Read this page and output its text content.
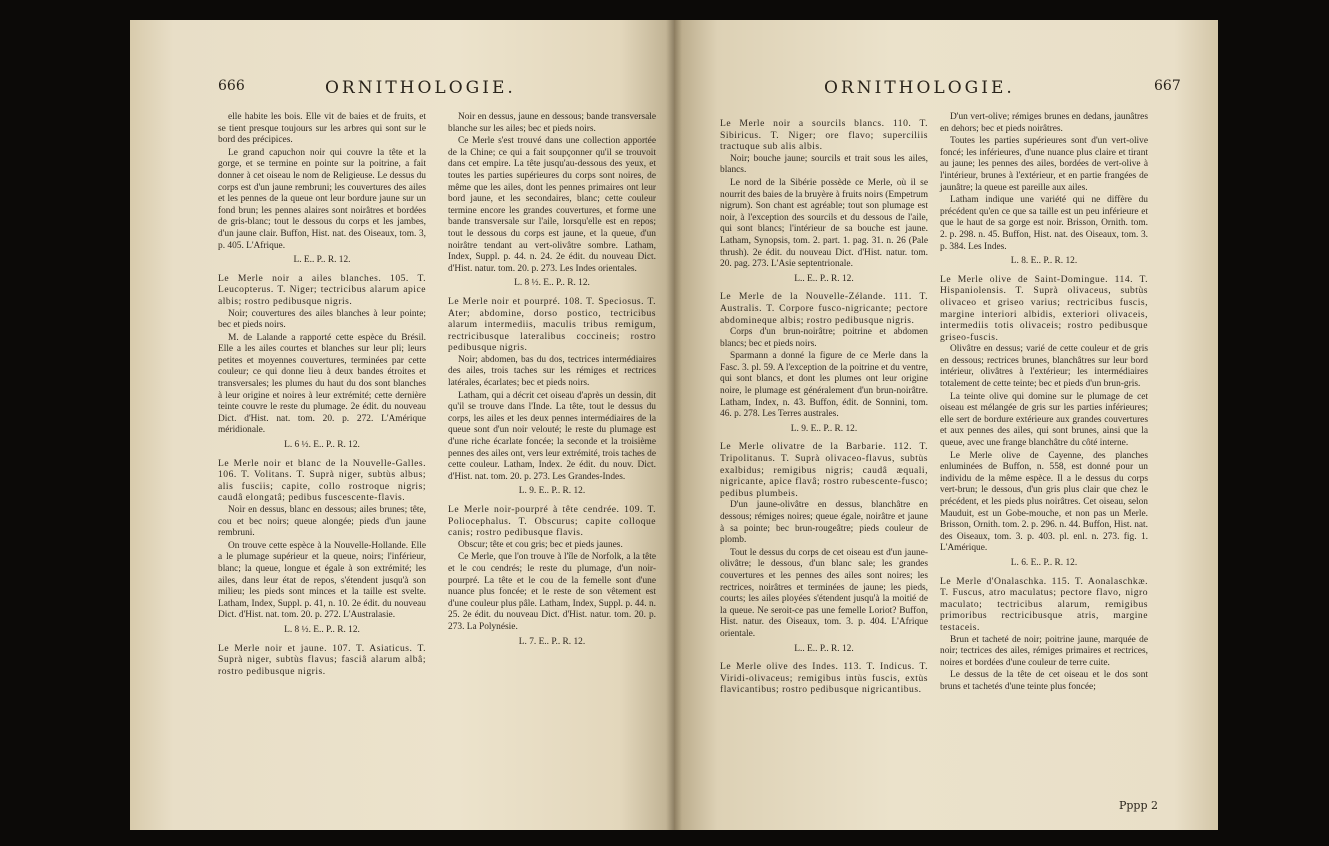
666	ORNITHOLOGIE.

elle habite les bois. Elle vit de baies et de fruits, et se tient presque toujours sur les arbres qui sont sur le bord des précipices.

Le grand capuchon noir qui couvre la tête et la gorge, et se termine en pointe sur la poitrine, a fait donner à cet oiseau le nom de Religieuse. Le dessus du corps est d'un jaune rembruni; les couvertures des ailes et les pennes de la queue ont leur bordure jaune sur un fond brun; les pennes alaires sont noirâtres et bordées de gris-blanc; tout le dessous du corps et les jambes, d'un jaune clair. Buffon, Hist. nat. des Oiseaux, tom. 3, p. 405. L'Afrique.

L. E.. P.. R. 12.

Le Merle noir a ailes blanches. 105. T. Leucopterus. T. Niger; tectricibus alarum apice albis; rostro pedibusque nigris.

Noir; couvertures des ailes blanches à leur pointe; bec et pieds noirs.

M. de Lalande a rapporté cette espèce du Brésil. Elle a les ailes courtes et blanches sur leur pli; leurs petites et moyennes couvertures, terminées par cette couleur; ce qui donne lieu à deux bandes étroites et transversales; les plumes du haut du dos sont blanches à leur origine et noires à leur extrémité; cette dernière teinte couvre le reste du plumage. 2e édit. du nouveau Dict. d'Hist. nat. tom. 20. p. 272. L'Amérique méridionale.

L. 6 ½. E.. P.. R. 12.

Le Merle noir et blanc de la Nouvelle-Galles. 106. T. Volitans. T. Suprà niger, subtùs albus; alis fusciis; capite, collo rostroque nigris; caudâ elongatâ; pedibus fuscescente-flavis.

Noir en dessus, blanc en dessous; ailes brunes; tête, cou et bec noirs; queue alongée; pieds d'un jaune rembruni.

On trouve cette espèce à la Nouvelle-Hollande. Elle a le plumage supérieur et la queue, noirs; l'inférieur, blanc; la queue, longue et égale à son extrémité; les ailes, dans leur état de repos, s'étendent jusqu'à son milieu; les pieds sont minces et la taille est svelte. Latham, Index, Suppl. p. 41, n. 10. 2e édit. du nouveau Dict. d'Hist. nat. tom. 20. p. 272. L'Australasie.

L. 8 ½. E.. P.. R. 12.

Le Merle noir et jaune. 107. T. Asiaticus. T. Suprà niger, subtùs flavus; fasciâ alarum albâ; rostro pedibusque nigris.

Noir en dessus, jaune en dessous; bande transversale blanche sur les ailes; bec et pieds noirs.

Ce Merle s'est trouvé dans une collection apportée de la Chine; ce qui a fait soupçonner qu'il se trouvoit dans cet empire. La tête jusqu'au-dessous des yeux, et toutes les parties supérieures du corps sont noires, de même que les ailes, dont les pennes primaires ont leur bord jaune, et les secondaires, blanc; cette couleur termine encore les grandes couvertures, et forme une bande transversale sur l'aile, lorsqu'elle est en repos; tout le dessous du corps est jaune, et la queue, d'un noirâtre tendant au vert-olivâtre sombre. Latham, Index, Suppl. p. 44. n. 24. 2e édit. du nouveau Dict. d'Hist. natur. tom. 20. p. 273. Les Indes orientales.

L. 8 ½. E.. P.. R. 12.

Le Merle noir et pourpré. 108. T. Speciosus. T. Ater; abdomine, dorso postico, tectricibus alarum intermediis, maculis tribus remigum, rectricibusque lateralibus coccineis; rostro pedibusque nigris.

Noir; abdomen, bas du dos, tectrices intermédiaires des ailes, trois taches sur les rémiges et rectrices latérales, écarlates; bec et pieds noirs.

Latham, qui a décrit cet oiseau d'après un dessin, dit qu'il se trouve dans l'Inde. La tête, tout le dessus du corps, les ailes et les deux pennes intermédiaires de la queue sont d'un noir velouté; le reste du plumage est d'une riche écarlate foncée; la seconde et la troisième pennes des ailes ont, vers leur extrémité, trois taches de cette couleur. Latham, Index. 2e édit. du nouv. Dict. d'Hist. nat. tom. 20. p. 273. Les Grandes-Indes.

L. 9. E.. P.. R. 12.

Le Merle noir-pourpré à tête cendrée. 109. T. Poliocephalus. T. Obscurus; capite colloque canis; rostro pedibusque flavis.

Obscur; tête et cou gris; bec et pieds jaunes.

Ce Merle, que l'on trouve à l'île de Norfolk, a la tête et le cou cendrés; le reste du plumage, d'un noir-pourpré. La tête et le cou de la femelle sont d'une nuance plus foncée; et le reste de son vêtement est d'une couleur plus pâle. Latham, Index, Suppl. p. 44. n. 25. 2e édit. du nouveau Dict. d'Hist. natur. tom. 20. p. 273. La Polynésie.

L. 7. E.. P.. R. 12.

ORNITHOLOGIE.	667
Le Merle noir a sourcils blancs. 110. T. Sibiricus. T. Niger; ore flavo; superciliis tractuque sub alis albis.

Noir; bouche jaune; sourcils et trait sous les ailes, blancs.

Le nord de la Sibérie possède ce Merle, où il se nourrit des baies de la bruyère à fruits noirs (Empetrum nigrum). Son chant est agréable; tout son plumage est noir, à l'exception des sourcils et du dessous de l'aile, qui sont blancs; l'intérieur de sa bouche est jaune. Latham, Synopsis, tom. 2. part. 1. pag. 31. n. 26 (Pale thrush). 2e édit. du nouveau Dict. d'Hist. natur. tom. 20. pag. 273. L'Asie septentrionale.

L.. E.. P.. R. 12.

Le Merle de la Nouvelle-Zélande. 111. T. Australis. T. Corpore fusco-nigricante; pectore abdomineque albis; rostro pedibusque nigris.

Corps d'un brun-noirâtre; poitrine et abdomen blancs; bec et pieds noirs.

Sparmann a donné la figure de ce Merle dans la Fasc. 3. pl. 59. A l'exception de la poitrine et du ventre, qui sont blancs, et dont les plumes ont leur origine noire, le plumage est généralement d'un brun-noirâtre. Latham, Index, n. 43. Buffon, édit. de Sonnini, tom. 46. p. 278. Les Terres australes.

L. 9. E.. P.. R. 12.

Le Merle olivatre de la Barbarie. 112. T. Tripolitanus. T. Suprà olivaceo-flavus, subtùs exalbidus; remigibus nigris; caudâ æquali, nigricante, apice flavâ; rostro rubescente-fusco; pedibus plumbeis.

D'un jaune-olivâtre en dessus, blanchâtre en dessous; rémiges noires; queue égale, noirâtre et jaune à sa pointe; bec brun-rougeâtre; pieds couleur de plomb.

Tout le dessus du corps de cet oiseau est d'un jaune-olivâtre; le dessous, d'un blanc sale; les grandes couvertures et les pennes des ailes sont noires; les rectrices, noirâtres et terminées de jaune; les pieds, courts; les ailes ployées s'étendent jusqu'à la moitié de la queue. Ne seroit-ce pas une femelle Loriot? Buffon, Hist. natur. des Oiseaux, tom. 3. p. 404. L'Afrique orientale.

L.. E.. P.. R. 12.

Le Merle olive des Indes. 113. T. Indicus. T. Viridi-olivaceus; remigibus intùs fuscis, extùs flavicantibus; rostro pedibusque nigricantibus.

D'un vert-olive; rémiges brunes en dedans, jaunâtres en dehors; bec et pieds noirâtres.

Toutes les parties supérieures sont d'un vert-olive foncé; les inférieures, d'une nuance plus claire et tirant au jaune; les pennes des ailes, bordées de vert-olive à l'intérieur, brunes à l'extérieur, et en partie frangées de jaunâtre; la queue est pareille aux ailes.

Latham indique une variété qui ne diffère du précédent qu'en ce que sa taille est un peu inférieure et que le haut de sa gorge est noir. Brisson, Ornith. tom. 2. p. 298. n. 45. Buffon, Hist. nat. des Oiseaux, tom. 3. p. 384. Les Indes.

L. 8. E.. P.. R. 12.

Le Merle olive de Saint-Domingue. 114. T. Hispaniolensis. T. Suprà olivaceus, subtùs olivaceo et griseo varius; rectricibus fuscis, margine interiori albidis, exteriori olivaceis, intermediis totis olivaceis; rostro pedibusque griseo-fuscis.

Olivâtre en dessus; varié de cette couleur et de gris en dessous; rectrices brunes, blanchâtres sur leur bord intérieur, olivâtres à l'extérieur; les intermédiaires totalement de cette teinte; bec et pieds d'un brun-gris.

La teinte olive qui domine sur le plumage de cet oiseau est mélangée de gris sur les parties inférieures; elle sert de bordure extérieure aux grandes couvertures et aux pennes des ailes, qui sont brunes, ainsi que la queue, avec une frange blanchâtre du côté interne.

Le Merle olive de Cayenne, des planches enluminées de Buffon, n. 558, est donné pour un individu de la même espèce. Il a le dessus du corps vert-brun; le dessous, d'un gris plus clair que chez le précédent, et les pieds plus noirâtres. Cet oiseau, selon Mauduit, est un Gobe-mouche, et non pas un Merle. Brisson, Ornith. tom. 2. p. 296. n. 44. Buffon, Hist. nat. des Oiseaux, tom. 3. p. 403. pl. enl. n. 273. fig. 1. L'Amérique.

L. 6. E.. P.. R. 12.

Le Merle d'Onalaschka. 115. T. Aonalaschkæ. T. Fuscus, atro maculatus; pectore flavo, nigro maculato; tectricibus alarum, remigibus primoribus rectricibusque atris, margine testaceis.

Brun et tacheté de noir; poitrine jaune, marquée de noir; tectrices des ailes, rémiges primaires et rectrices, noires et bordées d'une couleur de terre cuite.

Le dessus de la tête de cet oiseau et le dos sont bruns et tachetés d'une teinte plus foncée;

Pppp 2
